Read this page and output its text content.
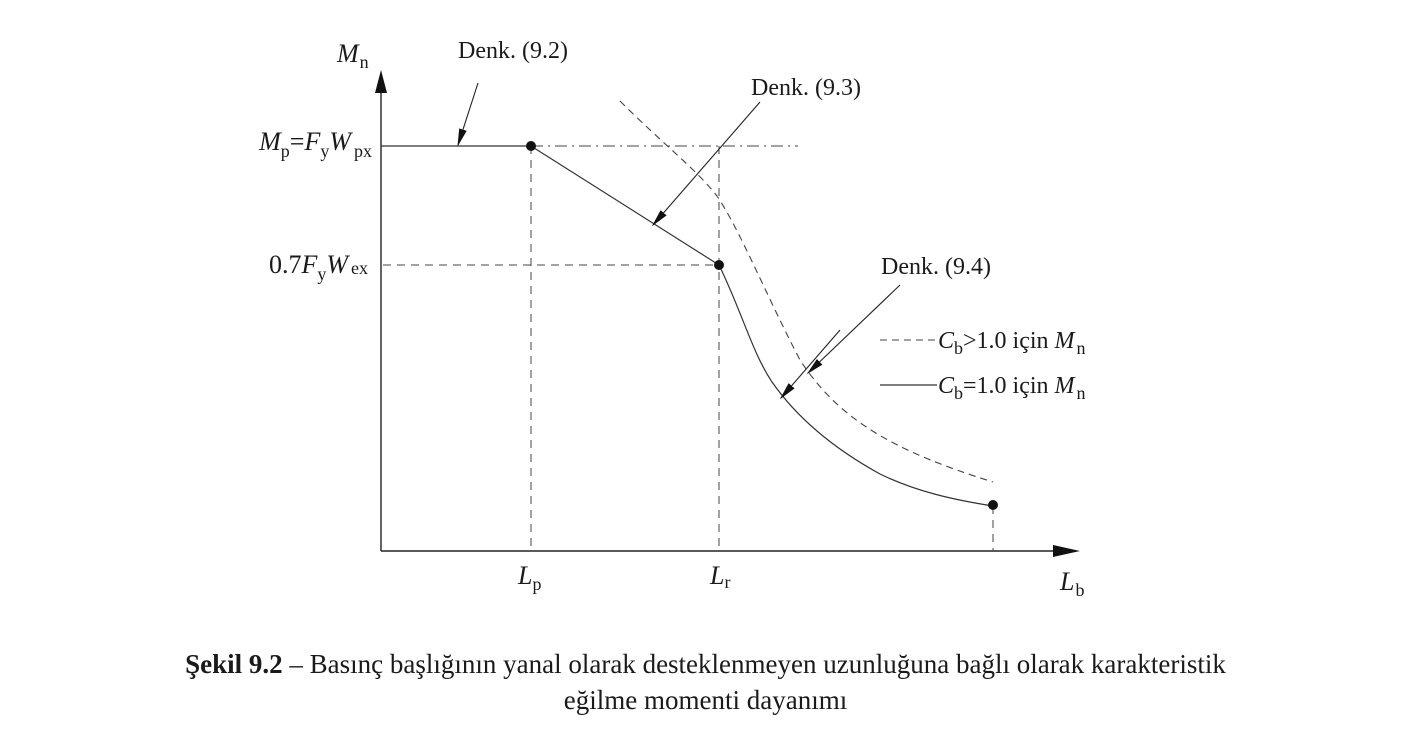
$M_n$
$L_b$
$M_p=F_yW$ $_{px}$
$0.7F_yW$ ex
$L_p$	Lr
Denk. (9.2)
Denk. (9.3)
Denk. (9.4)
$C_b>1.0$ için M $_n$
$C_b=1.0$ için M $_n$
Şekil 9.2 – Basınç başlığının yanal olarak desteklenmeyen uzunluğuna bağlı olarak karakteristik
eğilme momenti dayanımı
